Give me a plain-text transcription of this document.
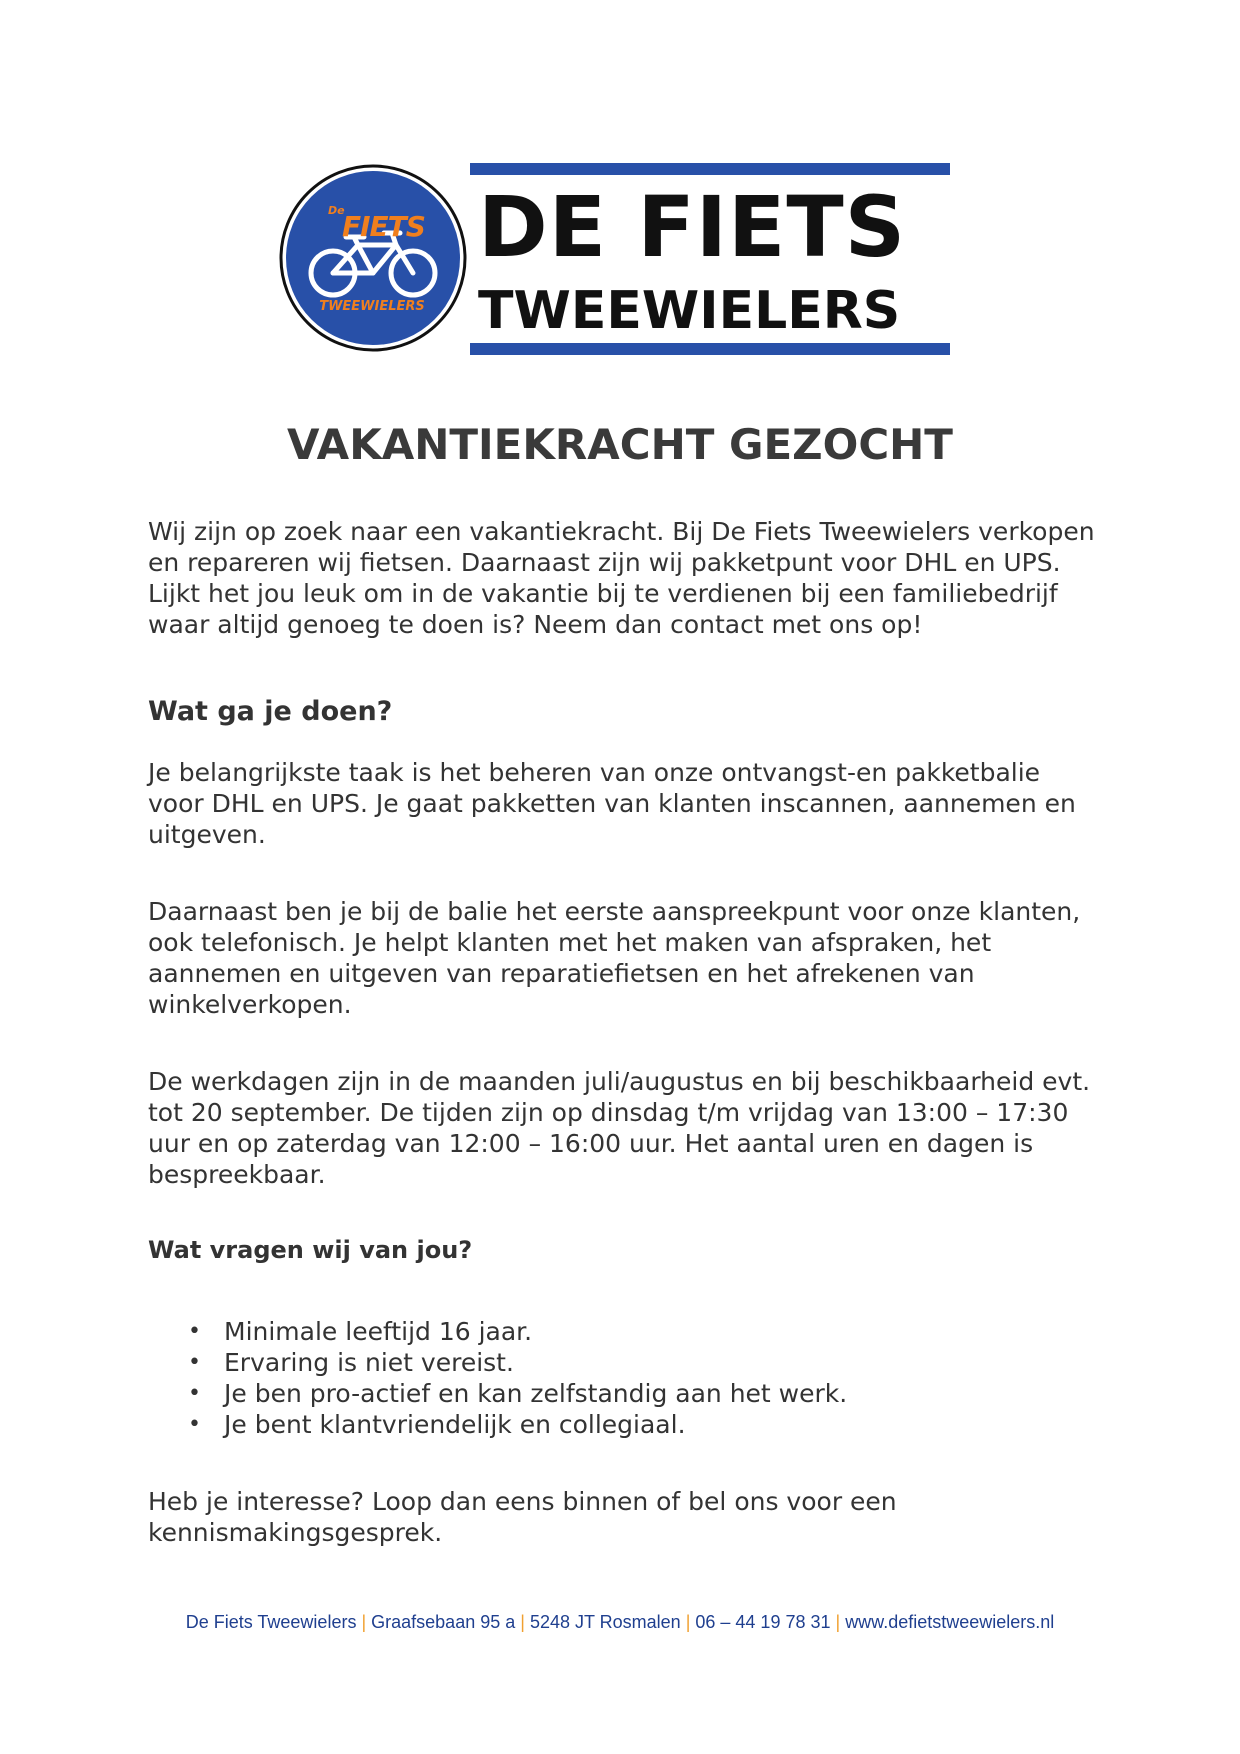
De
FIETS
TWEEWIELERS
DE FIETS
TWEEWIELERS
VAKANTIEKRACHT GEZOCHT

Wij zijn op zoek naar een vakantiekracht. Bij De Fiets Tweewielers verkopen en repareren wij fietsen. Daarnaast zijn wij pakketpunt voor DHL en UPS. Lijkt het jou leuk om in de vakantie bij te verdienen bij een familiebedrijf waar altijd genoeg te doen is? Neem dan contact met ons op!

Wat ga je doen?

Je belangrijkste taak is het beheren van onze ontvangst-en pakketbalie voor DHL en UPS. Je gaat pakketten van klanten inscannen, aannemen en uitgeven.

Daarnaast ben je bij de balie het eerste aanspreekpunt voor onze klanten, ook telefonisch. Je helpt klanten met het maken van afspraken, het aannemen en uitgeven van reparatiefietsen en het afrekenen van winkelverkopen.

De werkdagen zijn in de maanden juli/augustus en bij beschikbaarheid evt. tot 20 september. De tijden zijn op dinsdag t/m vrijdag van 13:00 – 17:30 uur en op zaterdag van 12:00 – 16:00 uur. Het aantal uren en dagen is bespreekbaar.

Wat vragen wij van jou?
• Minimale leeftijd 16 jaar.
• Ervaring is niet vereist.
• Je ben pro-actief en kan zelfstandig aan het werk.
• Je bent klantvriendelijk en collegiaal.

Heb je interesse? Loop dan eens binnen of bel ons voor een kennismakingsgesprek.

De Fiets Tweewielers | Graafsebaan 95 a | 5248 JT Rosmalen | 06 – 44 19 78 31 | www.defietstweewielers.nl
